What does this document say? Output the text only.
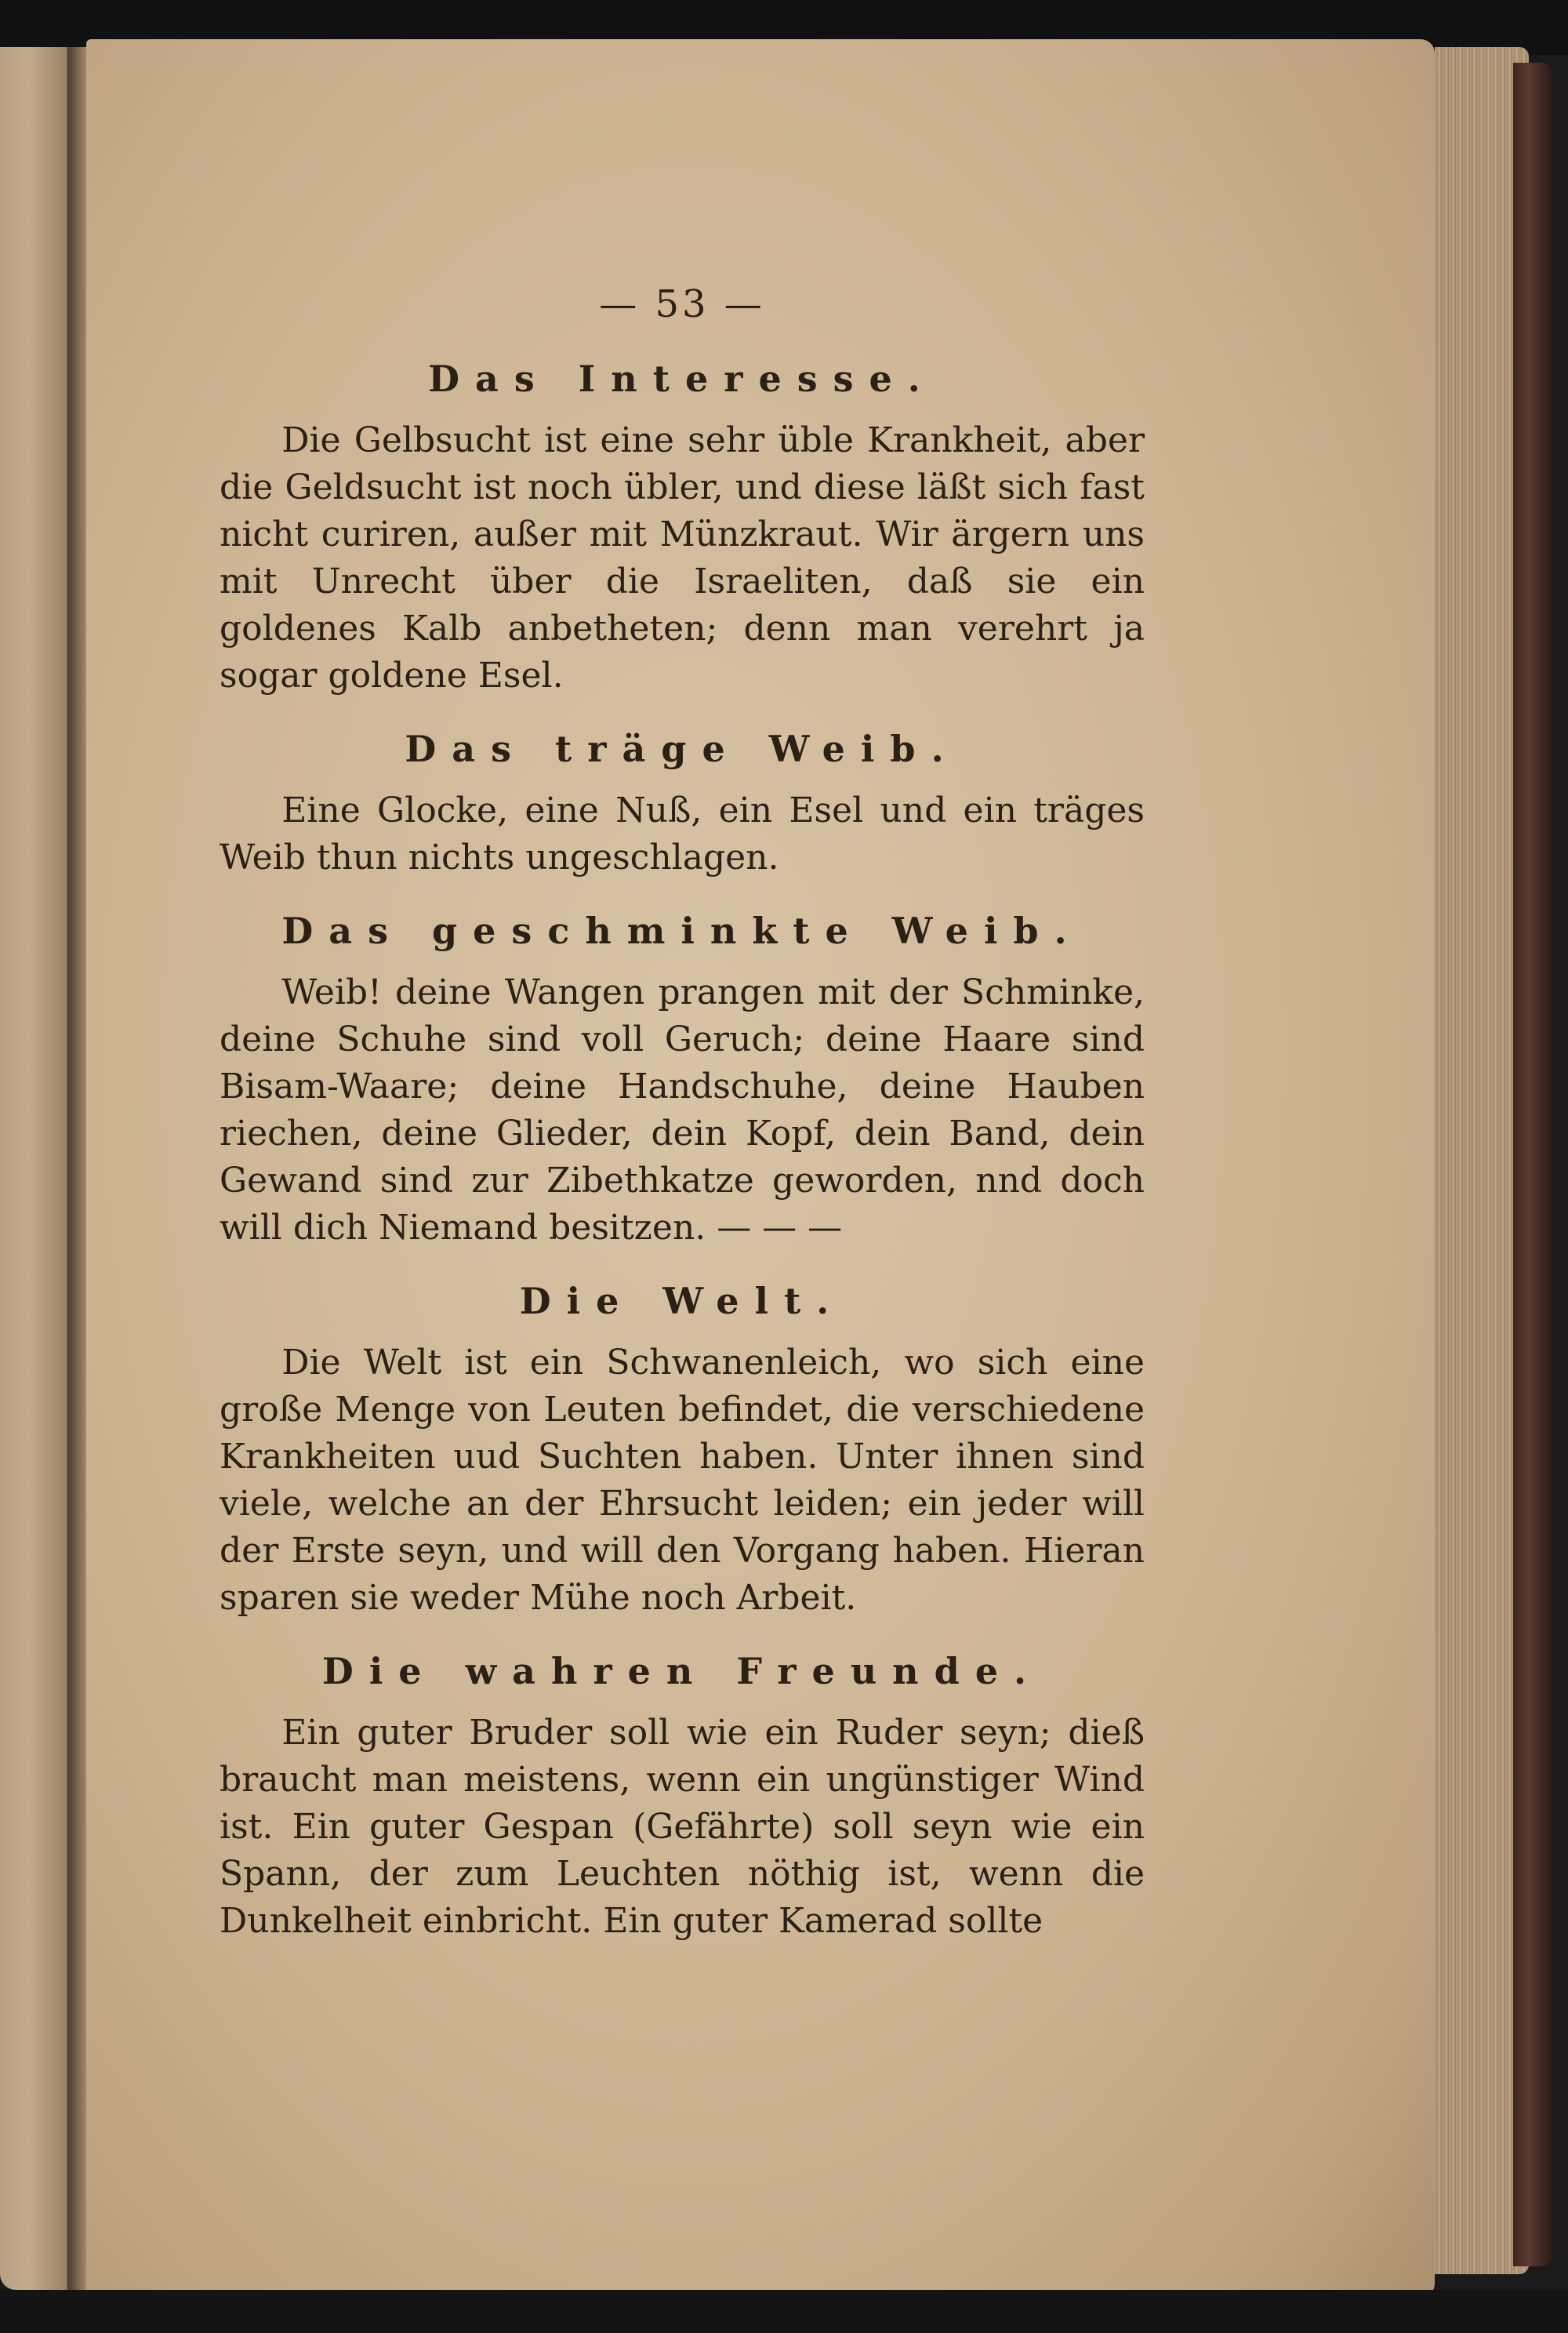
— 53 —
Das Interesse.

Die Gelbsucht ist eine sehr üble Krankheit, aber die Geldsucht ist noch übler, und diese läßt sich fast nicht curiren, außer mit Münzkraut. Wir ärgern uns mit Unrecht über die Israeliten, daß sie ein goldenes Kalb anbetheten; denn man verehrt ja sogar goldene Esel.

Das träge Weib.

Eine Glocke, eine Nuß, ein Esel und ein träges Weib thun nichts ungeschlagen.

Das geschminkte Weib.

Weib! deine Wangen prangen mit der Schminke, deine Schuhe sind voll Geruch; deine Haare sind Bisam-Waare; deine Handschuhe, deine Hauben riechen, deine Glieder, dein Kopf, dein Band, dein Gewand sind zur Zibethkatze geworden, nnd doch will dich Niemand besitzen. — — —

Die Welt.

Die Welt ist ein Schwanenleich, wo sich eine große Menge von Leuten befindet, die verschiedene Krankheiten uud Suchten haben. Unter ihnen sind viele, welche an der Ehrsucht leiden; ein jeder will der Erste seyn, und will den Vorgang haben. Hieran sparen sie weder Mühe noch Arbeit.

Die wahren Freunde.

Ein guter Bruder soll wie ein Ruder seyn; dieß braucht man meistens, wenn ein ungünstiger Wind ist. Ein guter Gespan (Gefährte) soll seyn wie ein Spann, der zum Leuchten nöthig ist, wenn die Dunkelheit einbricht. Ein guter Kamerad sollte
